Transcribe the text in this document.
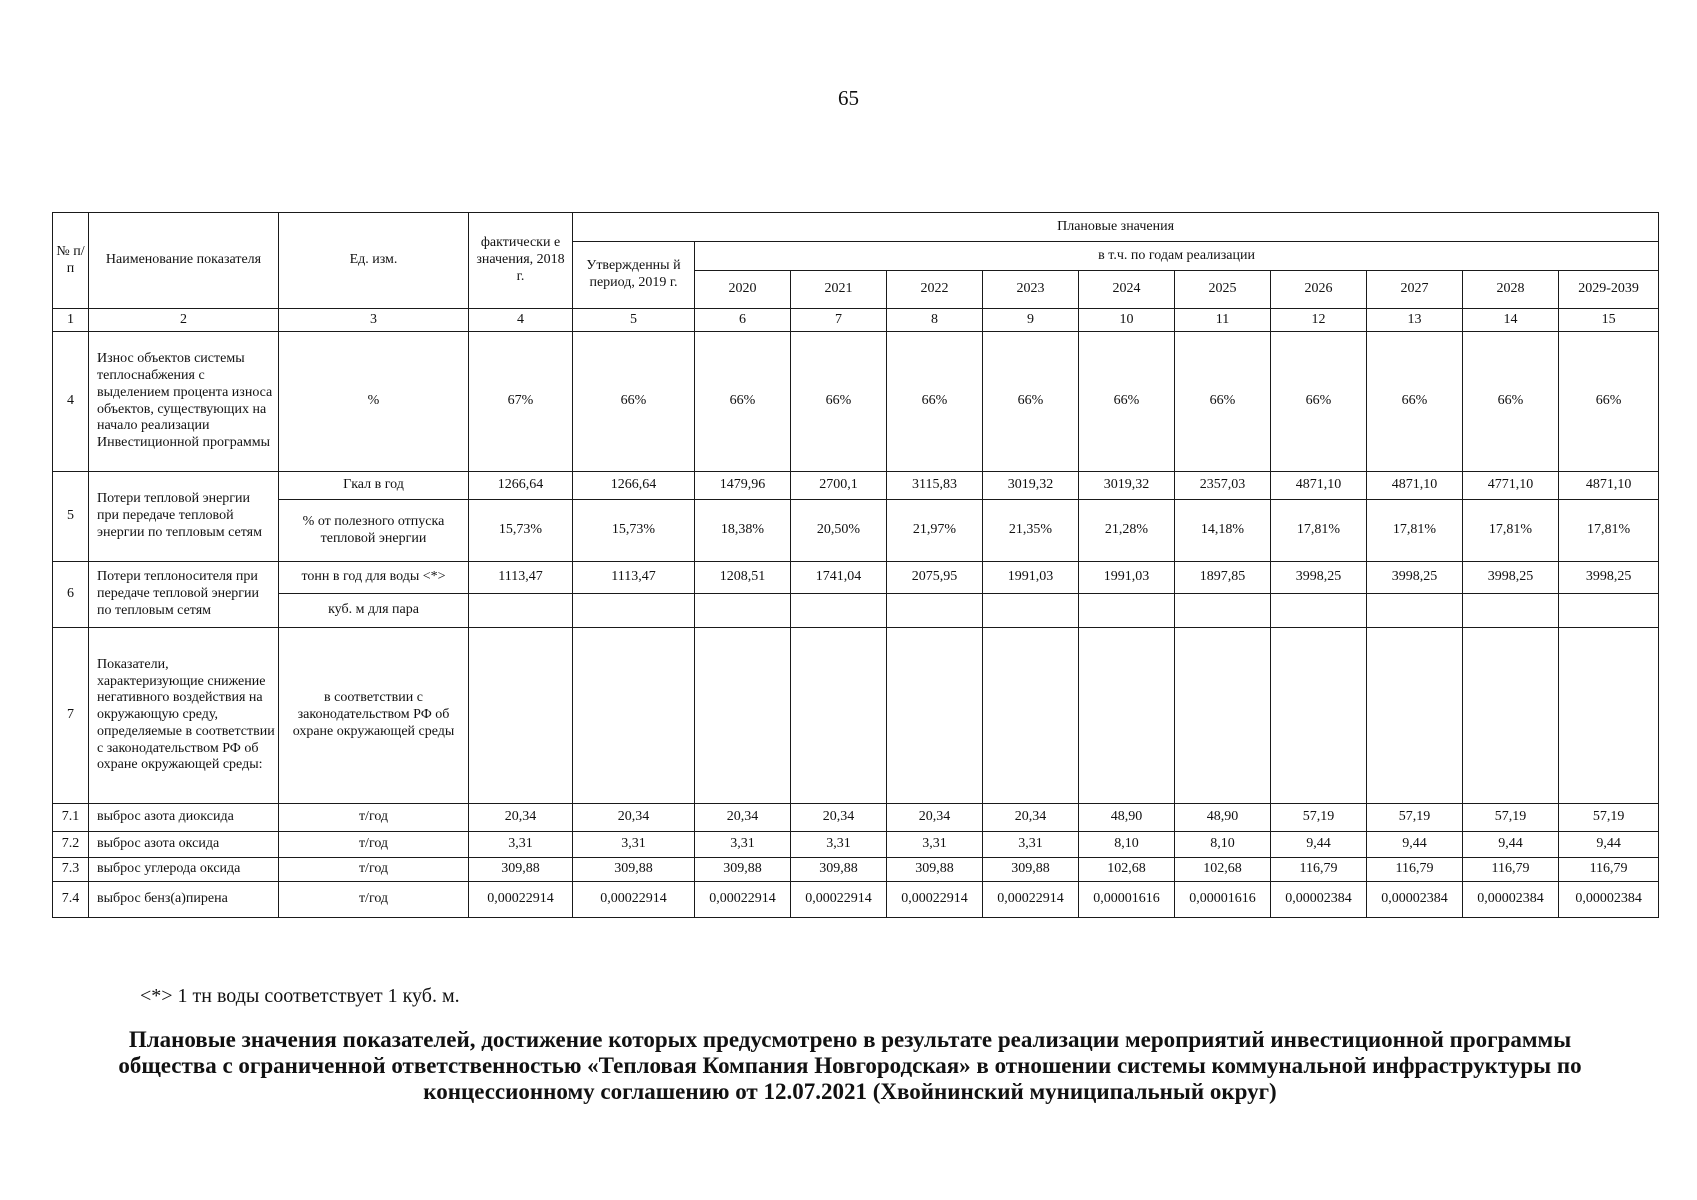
65
№ п/ п	Наименование показателя	Ед. изм.	фактически е значения, 2018 г.	Плановые значения										
				Утвержденны й период, 2019 г.	в т.ч. по годам реализации									
					2020	2021	2022	2023	2024	2025	2026	2027	2028	2029-2039
1	2	3	4	5	6	7	8	9	10	11	12	13	14	15
4	Износ объектов системы теплоснабжения с выделением процента износа объектов, существующих на начало реализации Инвестиционной программы	%	67%	66%	66%	66%	66%	66%	66%	66%	66%	66%	66%	66%
5	Потери тепловой энергии при передаче тепловой энергии по тепловым сетям	Гкал в год	1266,64	1266,64	1479,96	2700,1	3115,83	3019,32	3019,32	2357,03	4871,10	4871,10	4771,10	4871,10
		% от полезного отпуска тепловой энергии	15,73%	15,73%	18,38%	20,50%	21,97%	21,35%	21,28%	14,18%	17,81%	17,81%	17,81%	17,81%
6	Потери теплоносителя при передаче тепловой энергии по тепловым сетям	тонн в год для воды <*>	1113,47	1113,47	1208,51	1741,04	2075,95	1991,03	1991,03	1897,85	3998,25	3998,25	3998,25	3998,25
		куб. м для пара												
7	Показатели, характеризующие снижение негативного воздействия на окружающую среду, определяемые в соответствии с законодательством РФ об охране окружающей среды:	в соответствии с законодательством РФ об охране окружающей среды												
7.1	выброс азота диоксида	т/год	20,34	20,34	20,34	20,34	20,34	20,34	48,90	48,90	57,19	57,19	57,19	57,19
7.2	выброс азота оксида	т/год	3,31	3,31	3,31	3,31	3,31	3,31	8,10	8,10	9,44	9,44	9,44	9,44
7.3	выброс углерода оксида	т/год	309,88	309,88	309,88	309,88	309,88	309,88	102,68	102,68	116,79	116,79	116,79	116,79
7.4	выброс бенз(а)пирена	т/год	0,00022914	0,00022914	0,00022914	0,00022914	0,00022914	0,00022914	0,00001616	0,00001616	0,00002384	0,00002384	0,00002384	0,00002384
<*> 1 тн воды соответствует 1 куб. м.
Плановые значения показателей, достижение которых предусмотрено в результате реализации мероприятий инвестиционной программы общества с ограниченной ответственностью «Тепловая Компания Новгородская» в отношении системы коммунальной инфраструктуры по концессионному соглашению от 12.07.2021 (Хвойнинский муниципальный округ)
